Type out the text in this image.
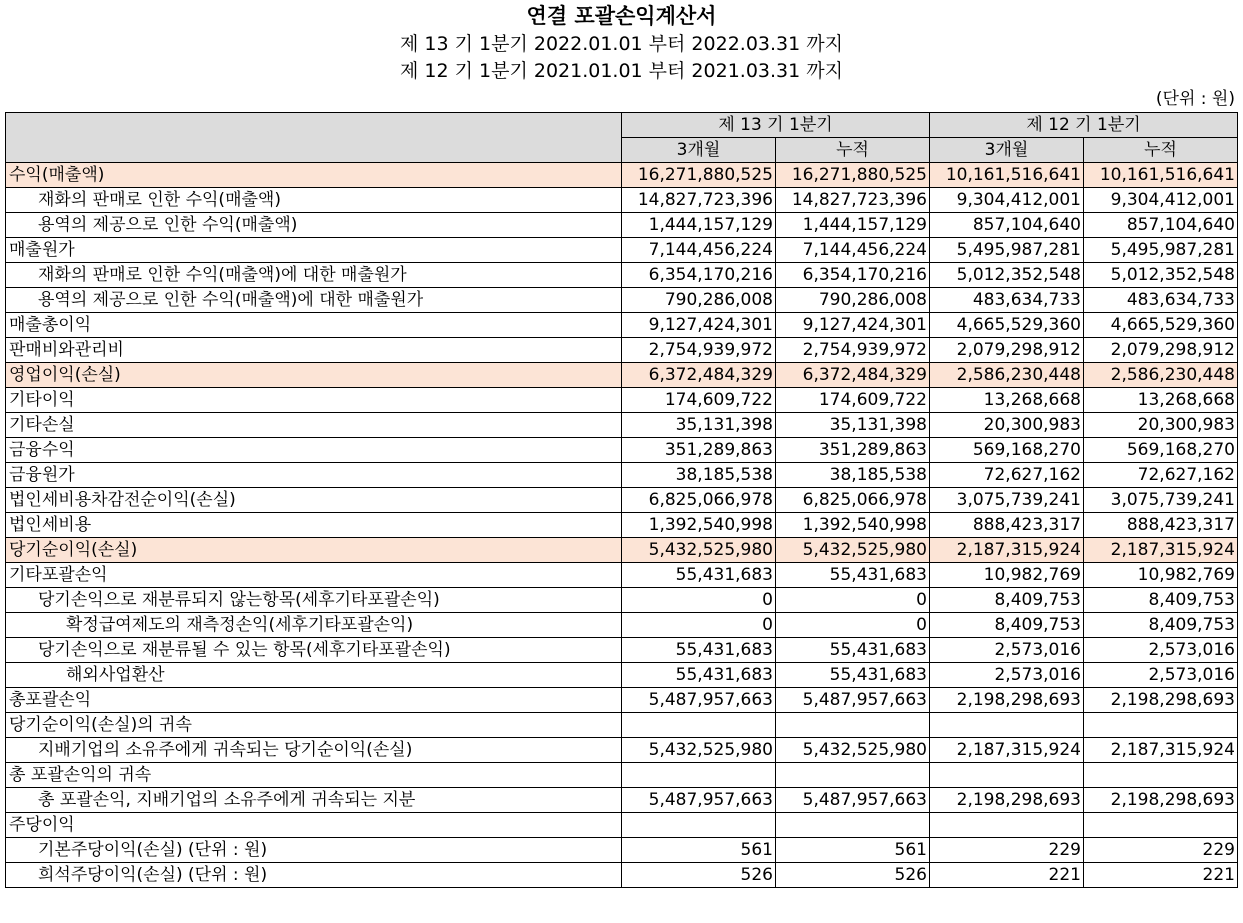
연결 포괄손익계산서
제 13 기 1분기 2022.01.01 부터 2022.03.31 까지
제 12 기 1분기 2021.01.01 부터 2021.03.31 까지
(단위 : 원)
	제 13 기 1분기		제 12 기 1분기	
	3개월	누적	3개월	누적
수익(매출액)	16,271,880,525	16,271,880,525	10,161,516,641	10,161,516,641
재화의 판매로 인한 수익(매출액)	14,827,723,396	14,827,723,396	9,304,412,001	9,304,412,001
용역의 제공으로 인한 수익(매출액)	1,444,157,129	1,444,157,129	857,104,640	857,104,640
매출원가	7,144,456,224	7,144,456,224	5,495,987,281	5,495,987,281
재화의 판매로 인한 수익(매출액)에 대한 매출원가	6,354,170,216	6,354,170,216	5,012,352,548	5,012,352,548
용역의 제공으로 인한 수익(매출액)에 대한 매출원가	790,286,008	790,286,008	483,634,733	483,634,733
매출총이익	9,127,424,301	9,127,424,301	4,665,529,360	4,665,529,360
판매비와관리비	2,754,939,972	2,754,939,972	2,079,298,912	2,079,298,912
영업이익(손실)	6,372,484,329	6,372,484,329	2,586,230,448	2,586,230,448
기타이익	174,609,722	174,609,722	13,268,668	13,268,668
기타손실	35,131,398	35,131,398	20,300,983	20,300,983
금융수익	351,289,863	351,289,863	569,168,270	569,168,270
금융원가	38,185,538	38,185,538	72,627,162	72,627,162
법인세비용차감전순이익(손실)	6,825,066,978	6,825,066,978	3,075,739,241	3,075,739,241
법인세비용	1,392,540,998	1,392,540,998	888,423,317	888,423,317
당기순이익(손실)	5,432,525,980	5,432,525,980	2,187,315,924	2,187,315,924
기타포괄손익	55,431,683	55,431,683	10,982,769	10,982,769
당기손익으로 재분류되지 않는항목(세후기타포괄손익)	0	0	8,409,753	8,409,753
확정급여제도의 재측정손익(세후기타포괄손익)	0	0	8,409,753	8,409,753
당기손익으로 재분류될 수 있는 항목(세후기타포괄손익)	55,431,683	55,431,683	2,573,016	2,573,016
해외사업환산	55,431,683	55,431,683	2,573,016	2,573,016
총포괄손익	5,487,957,663	5,487,957,663	2,198,298,693	2,198,298,693
당기순이익(손실)의 귀속				
지배기업의 소유주에게 귀속되는 당기순이익(손실)	5,432,525,980	5,432,525,980	2,187,315,924	2,187,315,924
총 포괄손익의 귀속				
총 포괄손익, 지배기업의 소유주에게 귀속되는 지분	5,487,957,663	5,487,957,663	2,198,298,693	2,198,298,693
주당이익				
기본주당이익(손실) (단위 : 원)	561	561	229	229
희석주당이익(손실) (단위 : 원)	526	526	221	221
